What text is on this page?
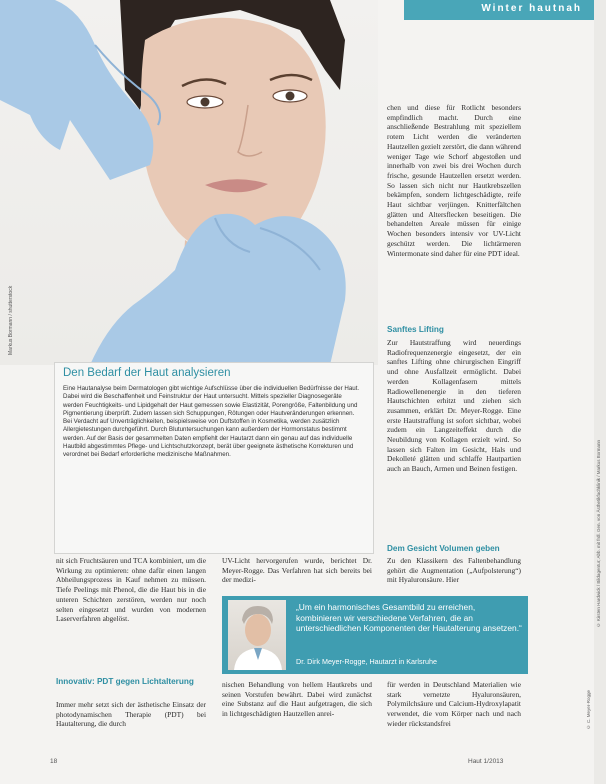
Markus Bormann / shutterstock
Winter hautnah

chen und diese für Rotlicht besonders empfindlich macht. Durch eine anschließende Bestrahlung mit speziellem rotem Licht werden die veränderten Hautzellen gezielt zerstört, die dann während weniger Tage wie Schorf abgestoßen und innerhalb von zwei bis drei Wochen durch frische, gesunde Hautzellen ersetzt werden. So lassen sich nicht nur Hautkrebszellen bekämpfen, sondern lichtgeschädigte, reife Haut sichtbar verjüngen. Knitterfältchen glätten und Altersflecken beseitigen. Die behandelten Areale müssen für einige Wochen besonders intensiv vor UV-Licht geschützt werden. Die lichtärmeren Wintermonate sind daher für eine PDT ideal.

Sanftes Lifting
Zur Hautstraffung wird neuerdings Radiofrequenzenergie eingesetzt, der ein sanftes Lifting ohne chirurgischen Eingriff und ohne Ausfallzeit ermöglicht. Dabei werden Kollagenfasern mittels Radiowellenenergie in den tieferen Hautschichten erhitzt und ziehen sich zusammen, erklärt Dr. Meyer-Rogge. Eine erste Hautstraffung ist sofort sichtbar, wobei zudem ein Langzeiteffekt durch die Neubildung von Kollagen erzielt wird. So lassen sich Falten im Gesicht, Hals und Dekolleté glätten und schlaffe Hautpartien auch an Bauch, Armen und Beinen festigen.
Dem Gesicht Volumen geben
Zu den Klassikern des Faltenbehandlung gehört die Augmentation („Aufpolsterung“) mit Hyaluronsäure. Hier
Den Bedarf der Haut analysieren
Eine Hautanalyse beim Dermatologen gibt wichtige Aufschlüsse über die individuellen Bedürfnisse der Haut. Dabei wird die Beschaffenheit und Feinstruktur der Haut untersucht. Mittels spezieller Diagnosegeräte werden Feuchtigkeits- und Lipidgehalt der Haut gemessen sowie Elastizität, Porengröße, Faltenbildung und Pigmentierung überprüft. Zudem lassen sich Schuppungen, Rötungen oder Hautveränderungen erkennen. Bei Verdacht auf Unverträglichkeiten, beispielsweise von Duftstoffen in Kosmetika, werden zusätzlich Allergietestungen durchgeführt. Durch Blutuntersuchungen kann außerdem der Hormonstatus bestimmt werden. Auf der Basis der gesammelten Daten empfiehlt der Hautarzt dann ein genau auf das individuelle Hautbild abgestimmtes Pflege- und Lichtschutzkonzept, berät über geeignete ästhetische Korrekturen und verordnet bei Bedarf erforderliche medizinische Maßnahmen.
nit sich Fruchtsäuren und TCA kombiniert, um die Wirkung zu optimieren: ohne dafür einen langen Abheilungsprozess in Kauf nehmen zu müssen. Tiefe Peelings mit Phenol, die die Haut bis in die unteren Schichten zerstören, werden nur noch selten eingesetzt und wurden von modernen Laserverfahren abgelöst.
Innovativ: PDT gegen Lichtalterung
Immer mehr setzt sich der ästhetische Einsatz der photodynamischen Therapie (PDT) bei Hautalterung, die durch
UV-Licht hervorgerufen wurde, berichtet Dr. Meyer-Rogge. Das Verfahren hat sich bereits bei der medizi-
nischen Behandlung von hellem Hautkrebs und seinen Vorstufen bewährt. Dabei wird zunächst eine Substanz auf die Haut aufgetragen, die sich in lichtgeschädigten Hautzellen anrei-
für werden in Deutschland Materialien wie stark vernetzte Hyaluronsäuren, Polymilchsäure und Calcium-Hydroxylapatit verwendet, die vom Körper nach und nach wieder rückstandsfrei
„Um ein harmonisches Gesamtbild zu erreichen, kombinieren wir verschiedene Verfahren, die an unterschiedlichen Komponenten der Hautalterung ansetzen.“
Dr. Dirk Meyer-Rogge, Hautarzt in Karlsruhe
© Kirsten Hardwick / Bildagentur; Abb. mit frdl. Gen. von Ästhetikfachklinik / Markus Bormann
© C. Meyer-Rogge
18	Haut 1/2013
